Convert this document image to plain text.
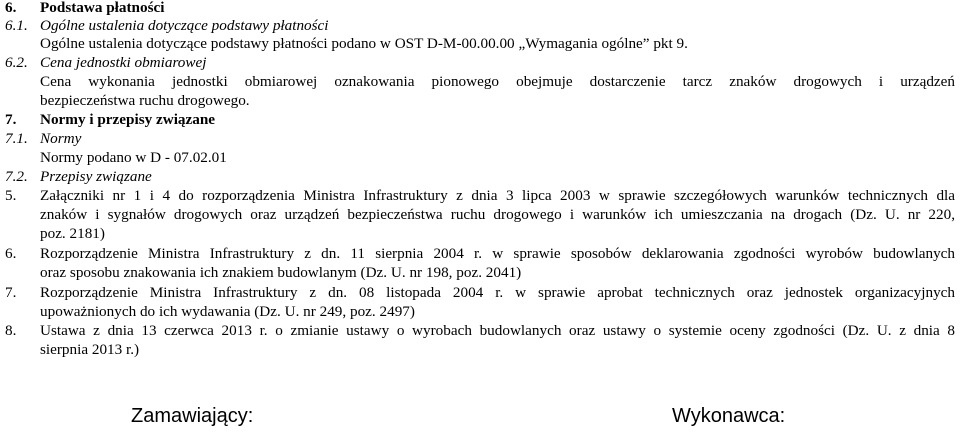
6. Podstawa płatności
6.1. Ogólne ustalenia dotyczące podstawy płatności
Ogólne ustalenia dotyczące podstawy płatności podano w OST D-M-00.00.00 „Wymagania ogólne” pkt 9.
6.2. Cena jednostki obmiarowej
Cena wykonania jednostki obmiarowej oznakowania pionowego obejmuje dostarczenie tarcz znaków drogowych i urządzeń
bezpieczeństwa ruchu drogowego.
7. Normy i przepisy związane
7.1. Normy
Normy podano w D - 07.02.01
7.2. Przepisy związane
5. Załączniki nr 1 i 4 do rozporządzenia Ministra Infrastruktury z dnia 3 lipca 2003 w sprawie szczegółowych warunków technicznych dla
znaków i sygnałów drogowych oraz urządzeń bezpieczeństwa ruchu drogowego i warunków ich umieszczania na drogach (Dz. U. nr 220,
poz. 2181)
6. Rozporządzenie Ministra Infrastruktury z dn. 11 sierpnia 2004 r. w sprawie sposobów deklarowania zgodności wyrobów budowlanych
oraz sposobu znakowania ich znakiem budowlanym (Dz. U. nr 198, poz. 2041)
7. Rozporządzenie Ministra Infrastruktury z dn. 08 listopada 2004 r. w sprawie aprobat technicznych oraz jednostek organizacyjnych
upoważnionych do ich wydawania (Dz. U. nr 249, poz. 2497)
8. Ustawa z dnia 13 czerwca 2013 r. o zmianie ustawy o wyrobach budowlanych oraz ustawy o systemie oceny zgodności (Dz. U. z dnia 8
sierpnia 2013 r.)
Zamawiający:	Wykonawca:
